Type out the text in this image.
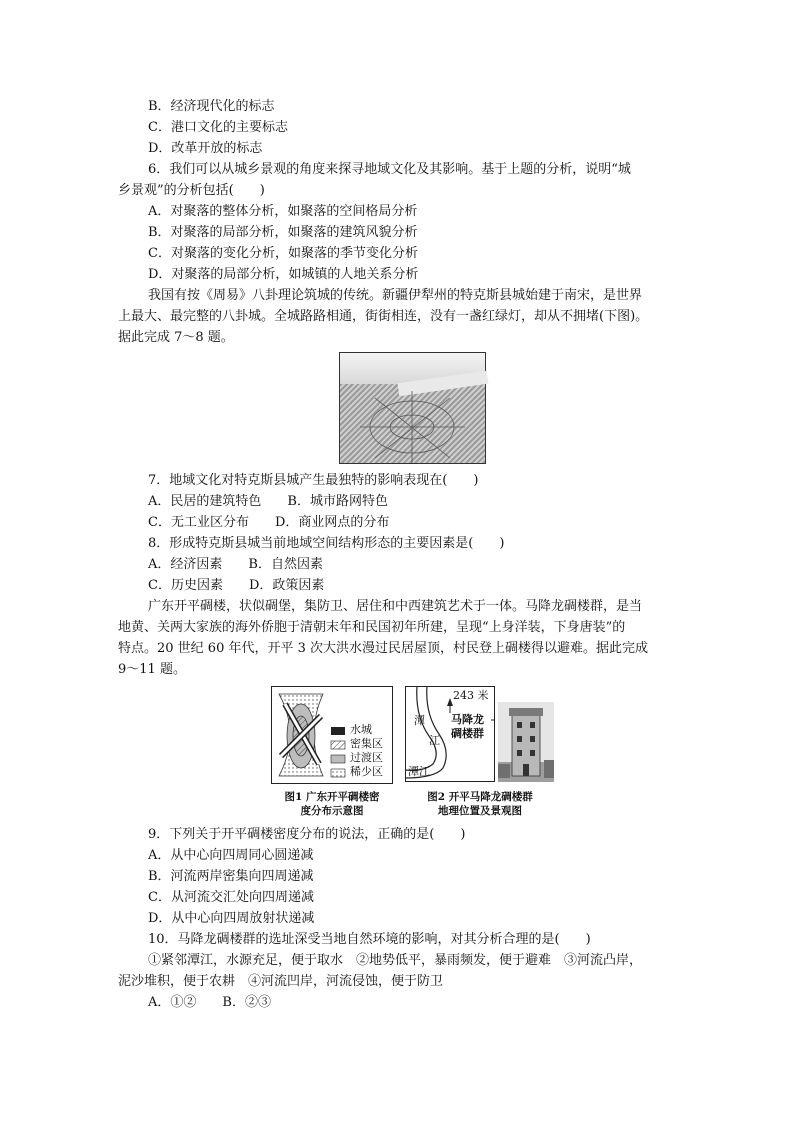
B．经济现代化的标志
C．港口文化的主要标志
D．改革开放的标志
6．我们可以从城乡景观的角度来探寻地域文化及其影响。基于上题的分析，说明“城
乡景观”的分析包括(　　)
A．对聚落的整体分析，如聚落的空间格局分析
B．对聚落的局部分析，如聚落的建筑风貌分析
C．对聚落的变化分析，如聚落的季节变化分析
D．对聚落的局部分析，如城镇的人地关系分析
我国有按《周易》八卦理论筑城的传统。新疆伊犁州的特克斯县城始建于南宋，是世界
上最大、最完整的八卦城。全城路路相通，街街相连，没有一盏红绿灯，却从不拥堵(下图)。
据此完成 7～8 题。
7．地域文化对特克斯县城产生最独特的影响表现在(　　)
A．民居的建筑特色　　B．城市路网特色
C．无工业区分布　　D．商业网点的分布
8．形成特克斯县城当前地域空间结构形态的主要因素是(　　)
A．经济因素　　B．自然因素
C．历史因素　　D．政策因素
广东开平碉楼，状似碉堡，集防卫、居住和中西建筑艺术于一体。马降龙碉楼群，是当
地黄、关两大家族的海外侨胞于清朝末年和民国初年所建，呈现“上身洋装，下身唐装”的
特点。20 世纪 60 年代，开平 3 次大洪水漫过民居屋顶，村民登上碉楼得以避难。据此完成
9～11 题。
水城
密集区
过渡区
稀少区
图1 广东开平碉楼密
度分布示意图
243 米
马降龙
碉楼群
潭
江
潭江
图2 开平马降龙碉楼群
地理位置及景观图
9．下列关于开平碉楼密度分布的说法，正确的是(　　)
A．从中心向四周同心圆递减
B．河流两岸密集向四周递减
C．从河流交汇处向四周递减
D．从中心向四周放射状递减
10．马降龙碉楼群的选址深受当地自然环境的影响，对其分析合理的是(　　)
①紧邻潭江，水源充足，便于取水　②地势低平，暴雨频发，便于避难　③河流凸岸，
泥沙堆积，便于农耕　④河流凹岸，河流侵蚀，便于防卫
A．①②　　B．②③
